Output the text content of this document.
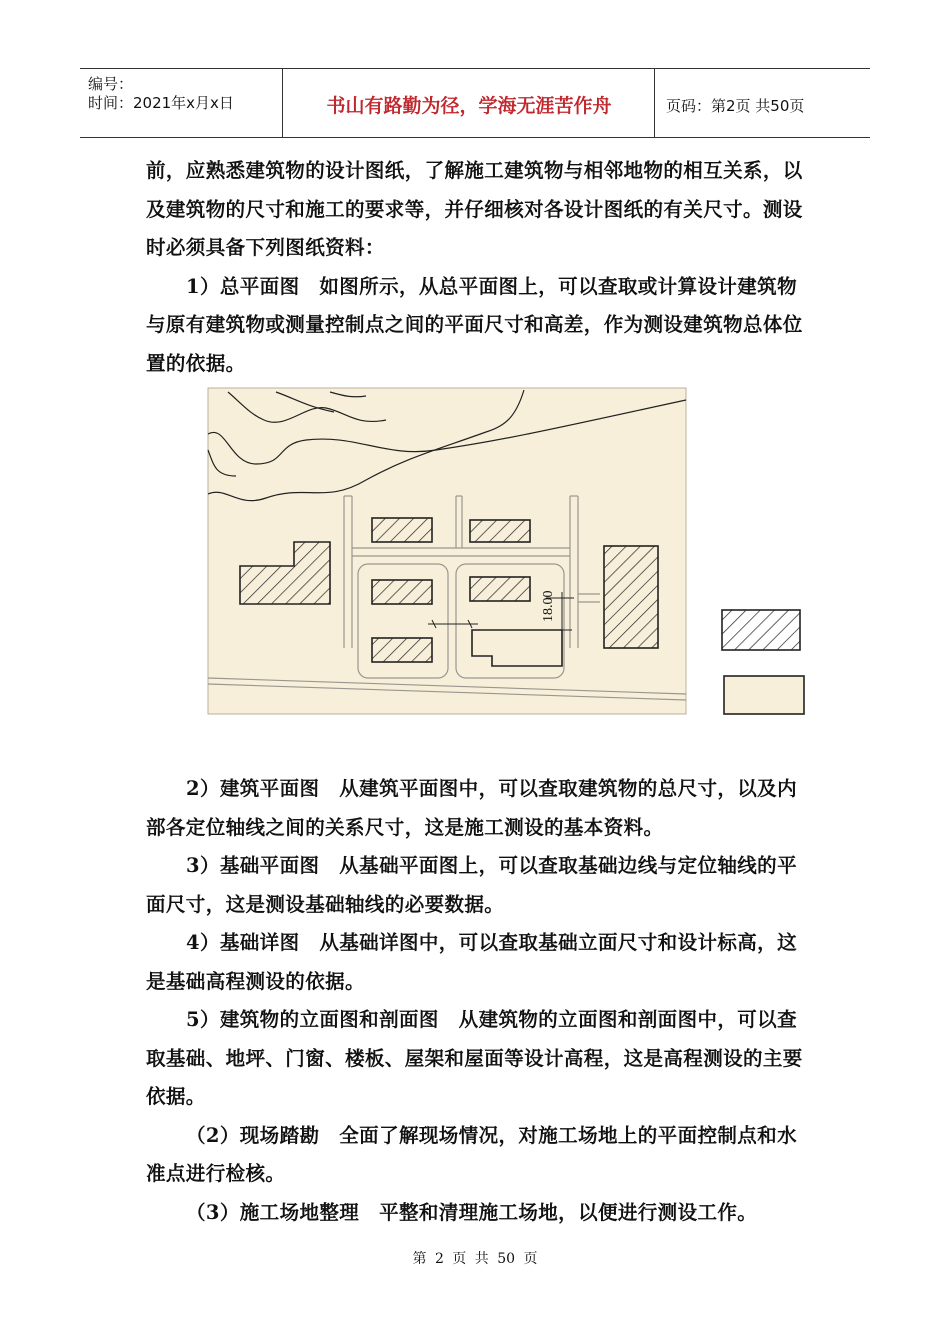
编号：
时间：2021年x月x日	书山有路勤为径，学海无涯苦作舟	页码：第2页 共50页

前，应熟悉建筑物的设计图纸，了解施工建筑物与相邻地物的相互关系，以及建筑物的尺寸和施工的要求等，并仔细核对各设计图纸的有关尺寸。测设时必须具备下列图纸资料：

1）总平面图　如图所示，从总平面图上，可以查取或计算设计建筑物与原有建筑物或测量控制点之间的平面尺寸和高差，作为测设建筑物总体位置的依据。

18.00

2）建筑平面图　从建筑平面图中，可以查取建筑物的总尺寸，以及内部各定位轴线之间的关系尺寸，这是施工测设的基本资料。

3）基础平面图　从基础平面图上，可以查取基础边线与定位轴线的平面尺寸，这是测设基础轴线的必要数据。

4）基础详图　从基础详图中，可以查取基础立面尺寸和设计标高，这是基础高程测设的依据。

5）建筑物的立面图和剖面图　从建筑物的立面图和剖面图中，可以查取基础、地坪、门窗、楼板、屋架和屋面等设计高程，这是高程测设的主要依据。

（2）现场踏勘　全面了解现场情况，对施工场地上的平面控制点和水准点进行检核。

（3）施工场地整理　平整和清理施工场地，以便进行测设工作。

第 2 页 共 50 页
